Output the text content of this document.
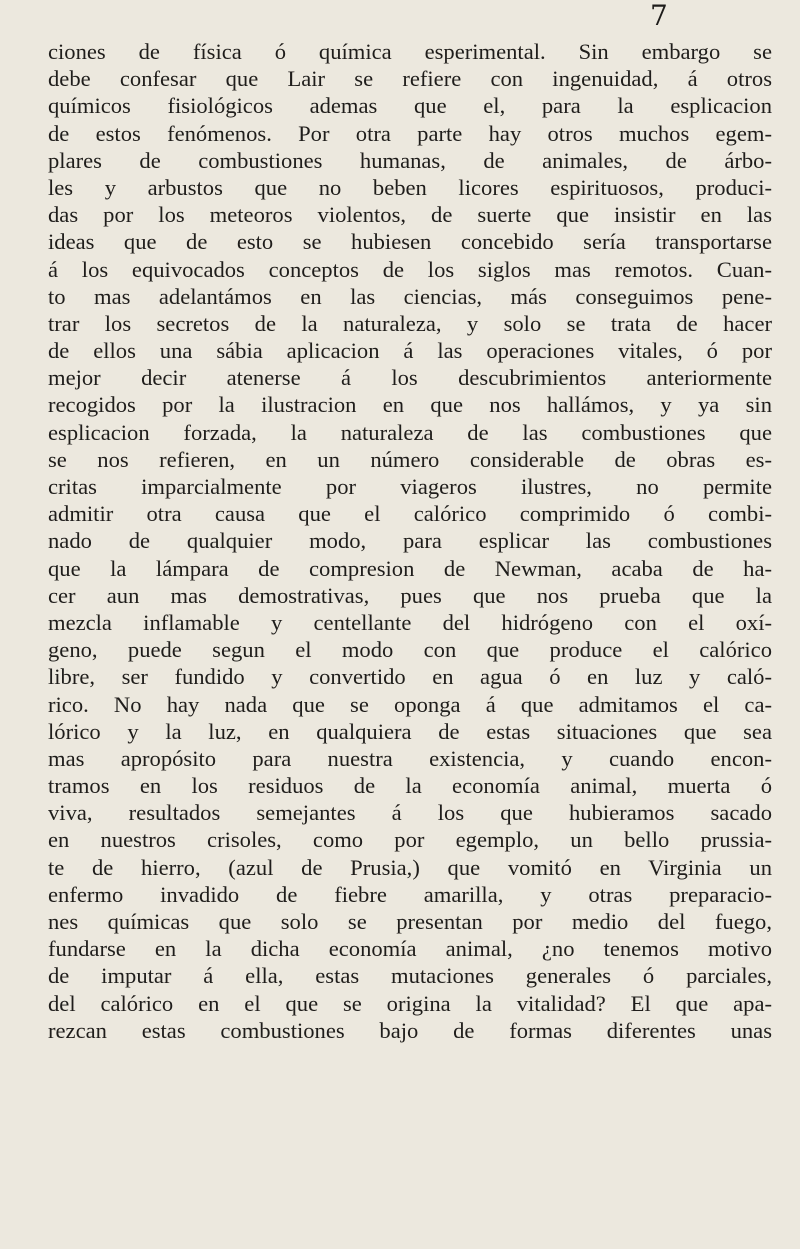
7
ciones de física ó química esperimental. Sin embargo se
debe confesar que Lair se refiere con ingenuidad, á otros
químicos fisiológicos ademas que el, para la esplicacion
de estos fenómenos. Por otra parte hay otros muchos egem-
plares de combustiones humanas, de animales, de árbo-
les y arbustos que no beben licores espirituosos, produci-
das por los meteoros violentos, de suerte que insistir en las
ideas que de esto se hubiesen concebido sería transportarse
á los equivocados conceptos de los siglos mas remotos. Cuan-
to mas adelantámos en las ciencias, más conseguimos pene-
trar los secretos de la naturaleza, y solo se trata de hacer
de ellos una sábia aplicacion á las operaciones vitales, ó por
mejor decir atenerse á los descubrimientos anteriormente
recogidos por la ilustracion en que nos hallámos, y ya sin
esplicacion forzada, la naturaleza de las combustiones que
se nos refieren, en un número considerable de obras es-
critas imparcialmente por viageros ilustres, no permite
admitir otra causa que el calórico comprimido ó combi-
nado de qualquier modo, para esplicar las combustiones
que la lámpara de compresion de Newman, acaba de ha-
cer aun mas demostrativas, pues que nos prueba que la
mezcla inflamable y centellante del hidrógeno con el oxí-
geno, puede segun el modo con que produce el calórico
libre, ser fundido y convertido en agua ó en luz y caló-
rico. No hay nada que se oponga á que admitamos el ca-
lórico y la luz, en qualquiera de estas situaciones que sea
mas apropósito para nuestra existencia, y cuando encon-
tramos en los residuos de la economía animal, muerta ó
viva, resultados semejantes á los que hubieramos sacado
en nuestros crisoles, como por egemplo, un bello prussia-
te de hierro, (azul de Prusia,) que vomitó en Virginia un
enfermo invadido de fiebre amarilla, y otras preparacio-
nes químicas que solo se presentan por medio del fuego,
fundarse en la dicha economía animal, ¿no tenemos motivo
de imputar á ella, estas mutaciones generales ó parciales,
del calórico en el que se origina la vitalidad? El que apa-
rezcan estas combustiones bajo de formas diferentes unas
